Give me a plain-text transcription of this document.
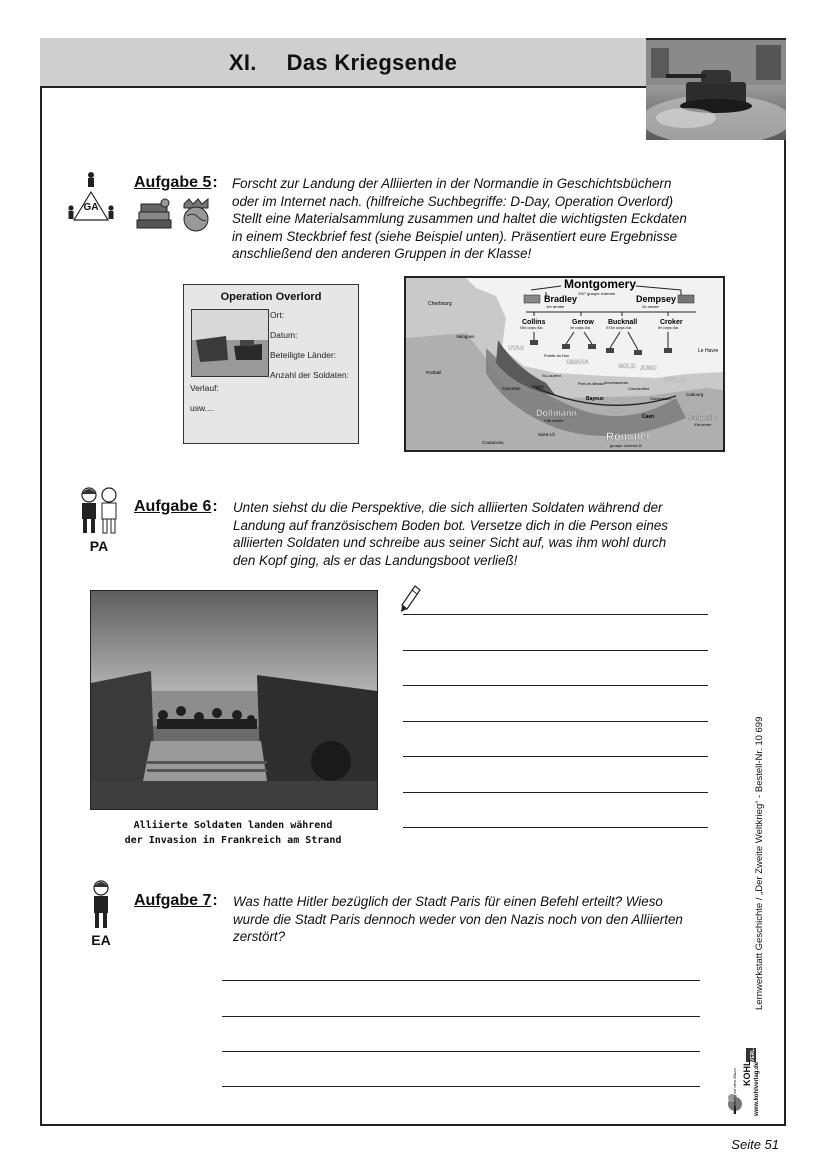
XI. Das Kriegsende
GA
Aufgabe 5: Forscht zur Landung der Alliierten in der Normandie in Geschichtsbüchern
oder im Internet nach. (hilfreiche Suchbegriffe: D-Day, Operation Overlord)
Stellt eine Materialsammlung zusammen und haltet die wichtigsten Eckdaten
in einem Steckbrief fest (siehe Beispiel unten). Präsentiert eure Ergebnisse
anschließend den anderen Gruppen in der Klasse!
Operation Overlord
Ort:
Datum:
Beteiligte Länder:
Anzahl der Soldaten:
Verlauf:
usw....
Montgomery
XXI° groupe d'armée
Bradley
1re armée
Dempsey
2e armée
Collins
VIIe corps d'ar.
Gerow
Ve corps d'ar.
Bucknall
XXXe corps d'ar.
Croker
Ier corps d'ar.
UTAH
OMAHA
GOLD JUNO
SWORD
Cherbourg
Valognes
Portbail
Carentan	Isigny
Bayeux
Caen
Cabourg
Le Havre
Saint-Lô
Coutances
Pointe du Hoc
St-Laurent
Port-en-Bessin Arromanches
Ouistreham
Courseulles
Dollmann
VIIe armée
Rommel
groupe d'armée B
Salmuth
XVe armée
PA
Aufgabe 6: Unten siehst du die Perspektive, die sich alliierten Soldaten während der
Landung auf französischem Boden bot. Versetze dich in die Person eines
alliierten Soldaten und schreibe aus seiner Sicht auf, was ihm wohl durch
den Kopf ging, als er das Landungsboot verließ!
Alliierte Soldaten landen während
der Invasion in Frankreich am Strand
EA
Aufgabe 7: Was hatte Hitler bezüglich der Stadt Paris für einen Befehl erteilt? Wieso
wurde die Stadt Paris dennoch weder von den Nazis noch von den Alliierten
zerstört?	Lernwerkstatt Geschichte / „Der Zweite Weltkrieg“ - Bestell-Nr. 10 699
KOHL
VERLAG
Der Verlag mit dem Baum	www.kohlverlag.de
Seite 51
